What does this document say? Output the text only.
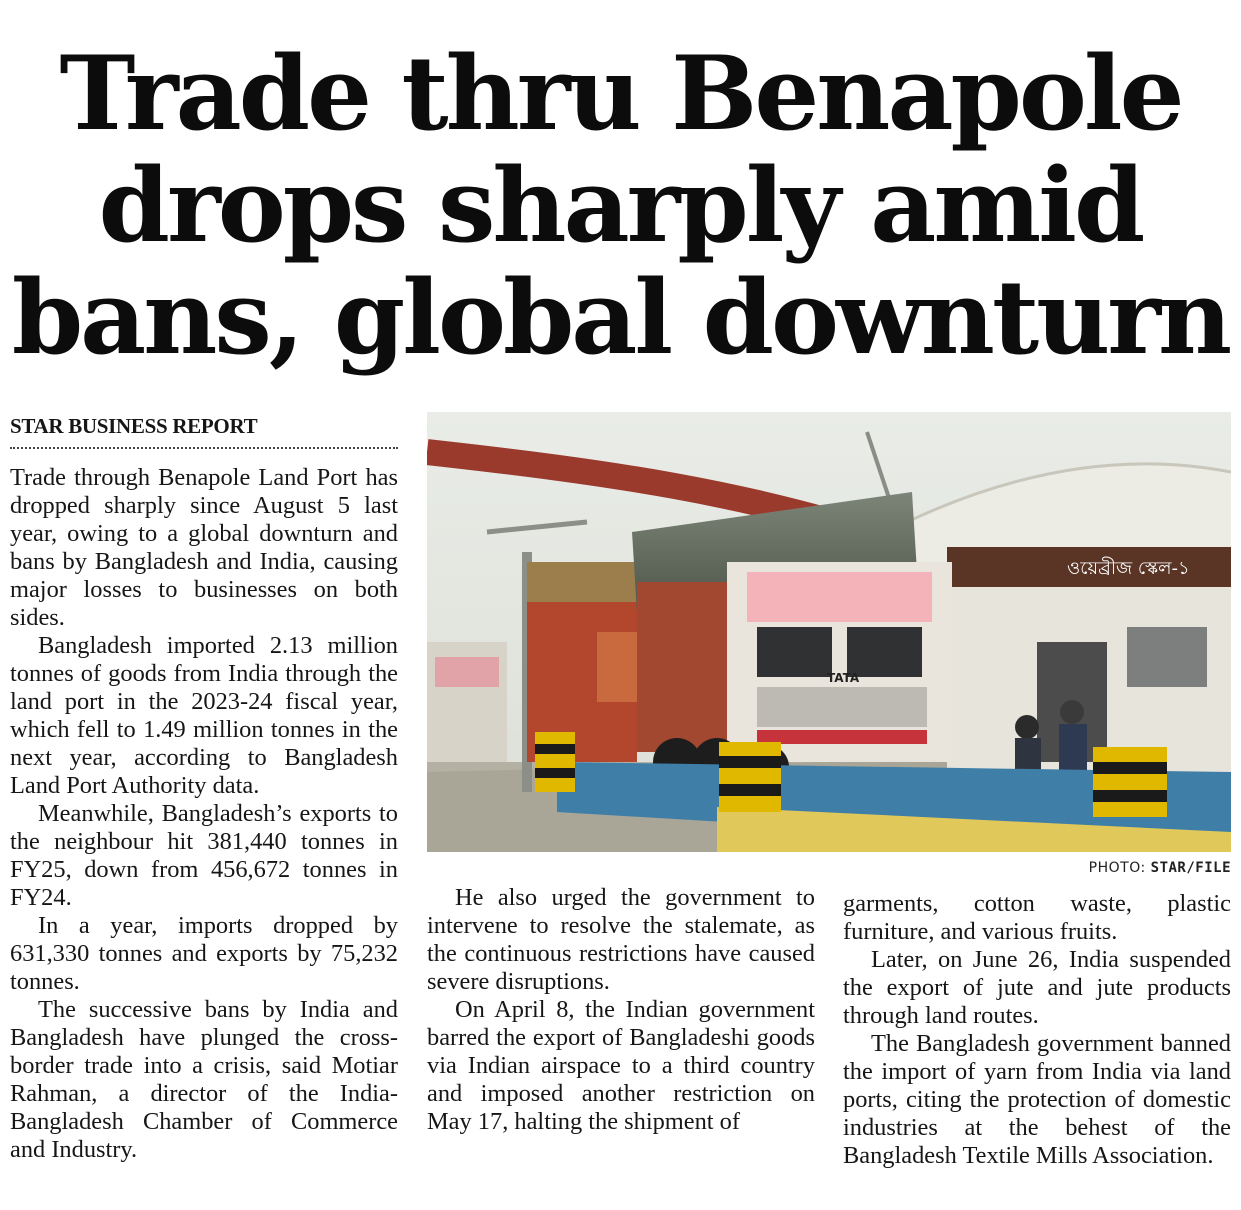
Trade thru Benapole
drops sharply amid
bans, global downturn
STAR BUSINESS REPORT

Trade through Benapole Land Port has dropped sharply since August 5 last year, owing to a global downturn and bans by Bangladesh and India, causing major losses to businesses on both sides.

Bangladesh imported 2.13 million tonnes of goods from India through the land port in the 2023-24 fiscal year, which fell to 1.49 million tonnes in the next year, according to Bangladesh Land Port Authority data.

Meanwhile, Bangladesh’s exports to the neighbour hit 381,440 tonnes in FY25, down from 456,672 tonnes in FY24.

In a year, imports dropped by 631,330 tonnes and exports by 75,232 tonnes.

The successive bans by India and Bangladesh have plunged the cross-border trade into a crisis, said Motiar Rahman, a director of the India-Bangladesh Chamber of Commerce and Industry.

ওয়েব্রীজ স্কেল-১
TATA
PHOTO: STAR/FILE

He also urged the government to intervene to resolve the stalemate, as the continuous restrictions have caused severe disruptions.

On April 8, the Indian government barred the export of Bangladeshi goods via Indian airspace to a third country and imposed another restriction on May 17, halting the shipment of

garments, cotton waste, plastic furniture, and various fruits.

Later, on June 26, India suspended the export of jute and jute products through land routes.

The Bangladesh government banned the import of yarn from India via land ports, citing the protection of domestic industries at the behest of the Bangladesh Textile Mills Association.
